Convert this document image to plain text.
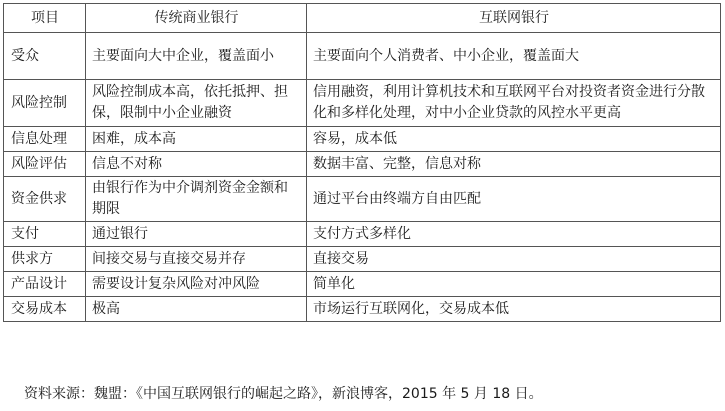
项目	传统商业银行	互联网银行
受众	主要面向大中企业，覆盖面小	主要面向个人消费者、中小企业，覆盖面大
风险控制	风险控制成本高，依托抵押、担保，限制中小企业融资	信用融资，利用计算机技术和互联网平台对投资者资金进行分散化和多样化处理，对中小企业贷款的风控水平更高
信息处理	困难，成本高	容易，成本低
风险评估	信息不对称	数据丰富、完整，信息对称
资金供求	由银行作为中介调剂资金金额和期限	通过平台由终端方自由匹配
支付	通过银行	支付方式多样化
供求方	间接交易与直接交易并存	直接交易
产品设计	需要设计复杂风险对冲风险	简单化
交易成本	极高	市场运行互联网化，交易成本低
资料来源：魏盟：《中国互联网银行的崛起之路》，新浪博客，2015 年 5 月 18 日。
